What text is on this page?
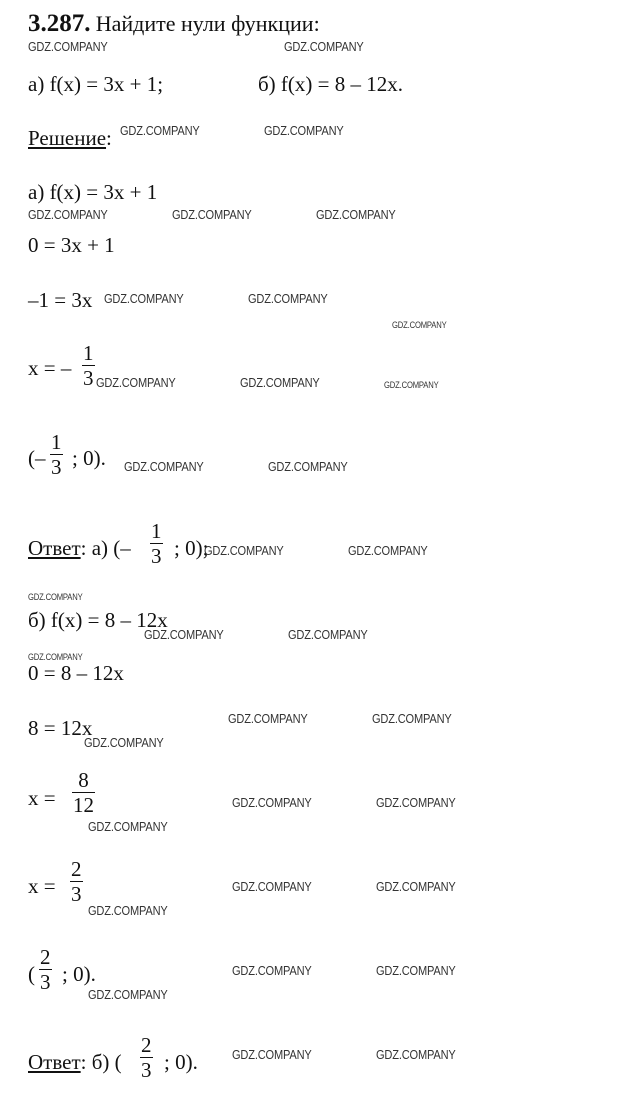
3.287. Найдите нули функции:
а) f(x) = 3x + 1;	б) f(x) = 8 – 12x.
Решение:
а) f(x) = 3x + 1
0 = 3x + 1
–1 = 3x
x = –
1
3
(–
1
3 ; 0).
Ответ: а) (–
1
3 ; 0);
б) f(x) = 8 – 12x
0 = 8 – 12x
8 = 12x
x =
8
12
x =
2
3
(
2
3 ; 0).
Ответ: б) (
2
3 ; 0).
GDZ.COMPANY	GDZ.COMPANY
GDZ.COMPANY	GDZ.COMPANY
GDZ.COMPANY	GDZ.COMPANY	GDZ.COMPANY
GDZ.COMPANY	GDZ.COMPANY
GDZ.COMPANY
GDZ.COMPANY	GDZ.COMPANY	GDZ.COMPANY
GDZ.COMPANY	GDZ.COMPANY
GDZ.COMPANY	GDZ.COMPANY
GDZ.COMPANY
GDZ.COMPANY	GDZ.COMPANY
GDZ.COMPANY
GDZ.COMPANY	GDZ.COMPANY
GDZ.COMPANY
GDZ.COMPANY	GDZ.COMPANY
GDZ.COMPANY
GDZ.COMPANY	GDZ.COMPANY
GDZ.COMPANY
GDZ.COMPANY	GDZ.COMPANY
GDZ.COMPANY
GDZ.COMPANY	GDZ.COMPANY
